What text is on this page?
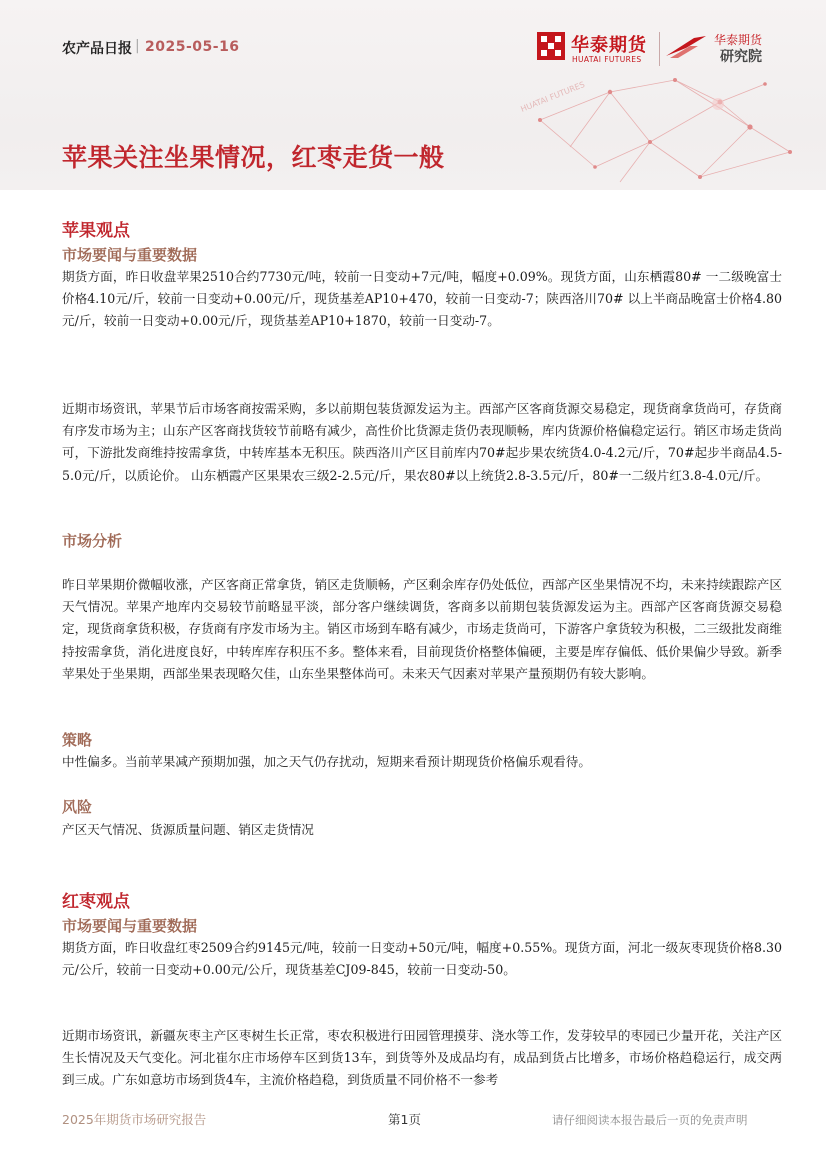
HUATAI FUTURES
农产品日报 | 2025-05-16	华泰期货
HUATAI FUTURES
华泰期货
研究院
苹果关注坐果情况，红枣走货一般
苹果观点
市场要闻与重要数据

期货方面，昨日收盘苹果2510合约7730元/吨，较前一日变动+7元/吨，幅度+0.09%。现货方面，山东栖霞80# 一二级晚富士价格4.10元/斤，较前一日变动+0.00元/斤，现货基差AP10+470，较前一日变动-7；陕西洛川70# 以上半商品晚富士价格4.80元/斤，较前一日变动+0.00元/斤，现货基差AP10+1870，较前一日变动-7。

近期市场资讯，苹果节后市场客商按需采购，多以前期包装货源发运为主。西部产区客商货源交易稳定，现货商拿货尚可，存货商有序发市场为主；山东产区客商找货较节前略有减少，高性价比货源走货仍表现顺畅，库内货源价格偏稳定运行。销区市场走货尚可，下游批发商维持按需拿货，中转库基本无积压。陕西洛川产区目前库内70#起步果农统货4.0-4.2元/斤，70#起步半商品4.5-5.0元/斤，以质论价。 山东栖霞产区果果农三级2-2.5元/斤，果农80#以上统货2.8-3.5元/斤，80#一二级片红3.8-4.0元/斤。

市场分析

昨日苹果期价微幅收涨，产区客商正常拿货，销区走货顺畅，产区剩余库存仍处低位，西部产区坐果情况不均，未来持续跟踪产区天气情况。苹果产地库内交易较节前略显平淡，部分客户继续调货，客商多以前期包装货源发运为主。西部产区客商货源交易稳定，现货商拿货积极，存货商有序发市场为主。销区市场到车略有减少，市场走货尚可，下游客户拿货较为积极，二三级批发商维持按需拿货，消化进度良好，中转库库存积压不多。整体来看，目前现货价格整体偏硬，主要是库存偏低、低价果偏少导致。新季苹果处于坐果期，西部坐果表现略欠佳，山东坐果整体尚可。未来天气因素对苹果产量预期仍有较大影响。

策略

中性偏多。当前苹果减产预期加强，加之天气仍存扰动，短期来看预计期现货价格偏乐观看待。

风险

产区天气情况、货源质量问题、销区走货情况

红枣观点
市场要闻与重要数据

期货方面，昨日收盘红枣2509合约9145元/吨，较前一日变动+50元/吨，幅度+0.55%。现货方面，河北一级灰枣现货价格8.30元/公斤，较前一日变动+0.00元/公斤，现货基差CJ09-845，较前一日变动-50。

近期市场资讯，新疆灰枣主产区枣树生长正常，枣农积极进行田园管理摸芽、浇水等工作，发芽较早的枣园已少量开花，关注产区生长情况及天气变化。河北崔尔庄市场停车区到货13车，到货等外及成品均有，成品到货占比增多，市场价格趋稳运行，成交两到三成。广东如意坊市场到货4车，主流价格趋稳，到货质量不同价格不一参考

2025年期货市场研究报告	第1页	请仔细阅读本报告最后一页的免责声明
